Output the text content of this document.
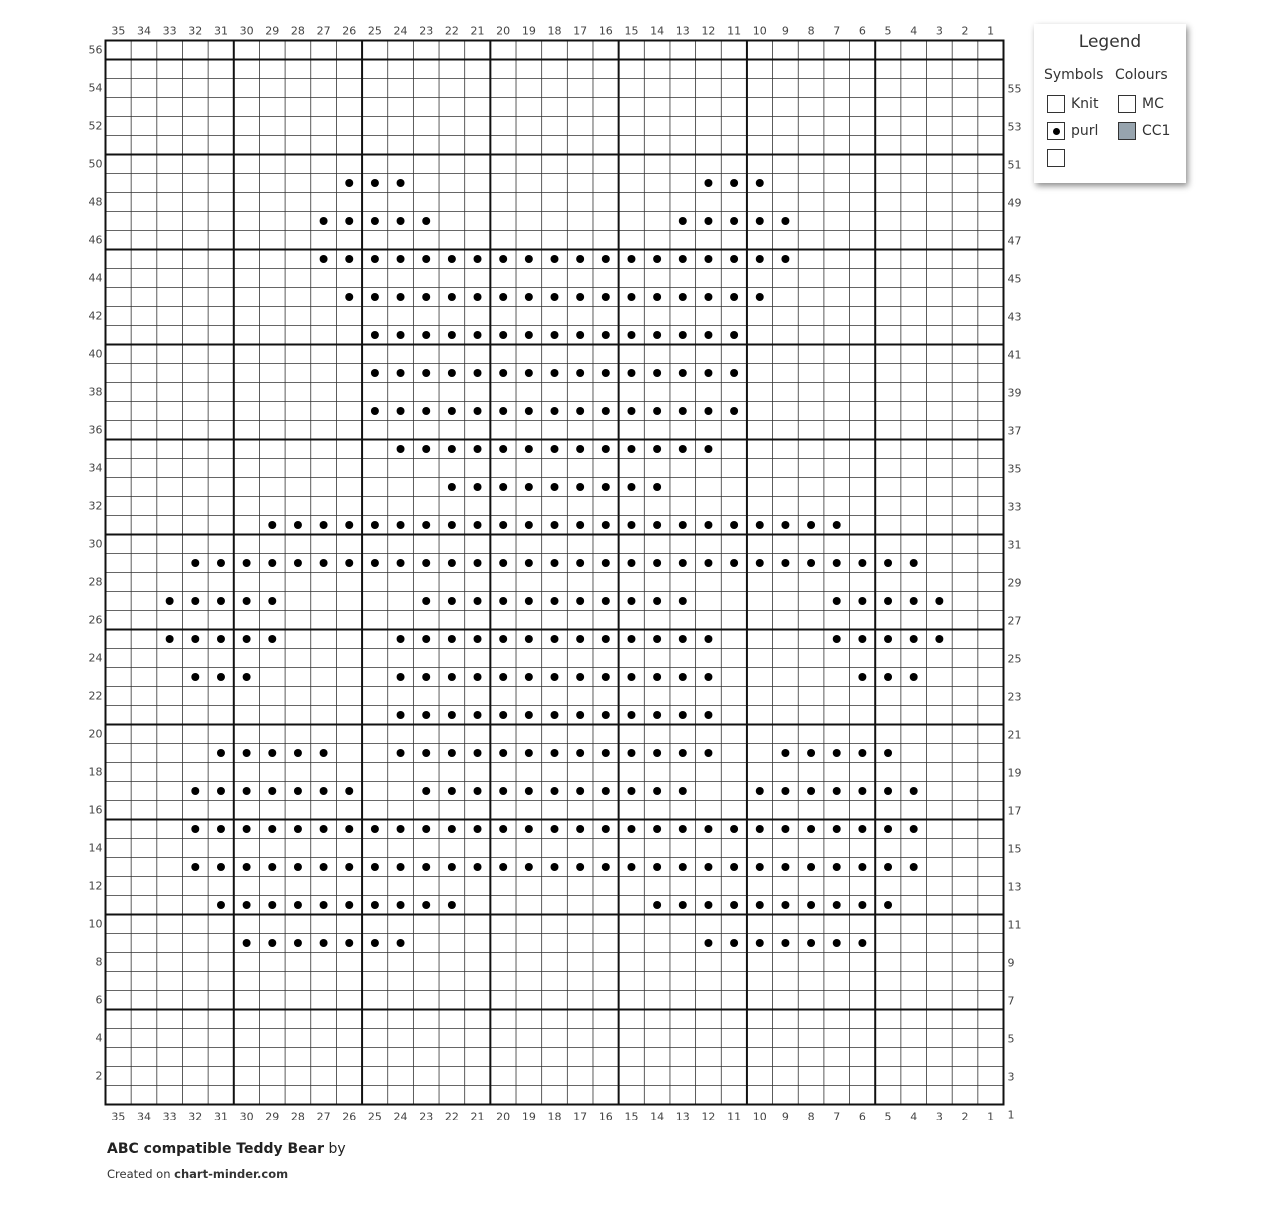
1
1
2
2
3
3
4
4
5
5
6
6
7
7
8
8
9
9
10
10
11
11
12
12
13
13
14
14
15
15
16
16
17
17
18
18
19
19
20
20
21
21
22
22
23
23
24
24
25
25
26
26
27
27
28
28
29
29
30
30
31
31
32
32
33
33
34
34
35
35	1
2	3
4	5
6	7
8	9
10	11
12	13
14	15
16	17
18	19
20	21
22	23
24	25
26	27
28	29
30	31
32	33
34	35
36	37
38	39
40	41
42	43
44	45
46	47
48	49
50	51
52	53
54	55
56	Legend
Symbols Colours
Knit
purl
MC
CC1
ABC compatible Teddy Bear by
Created on chart-minder.com
